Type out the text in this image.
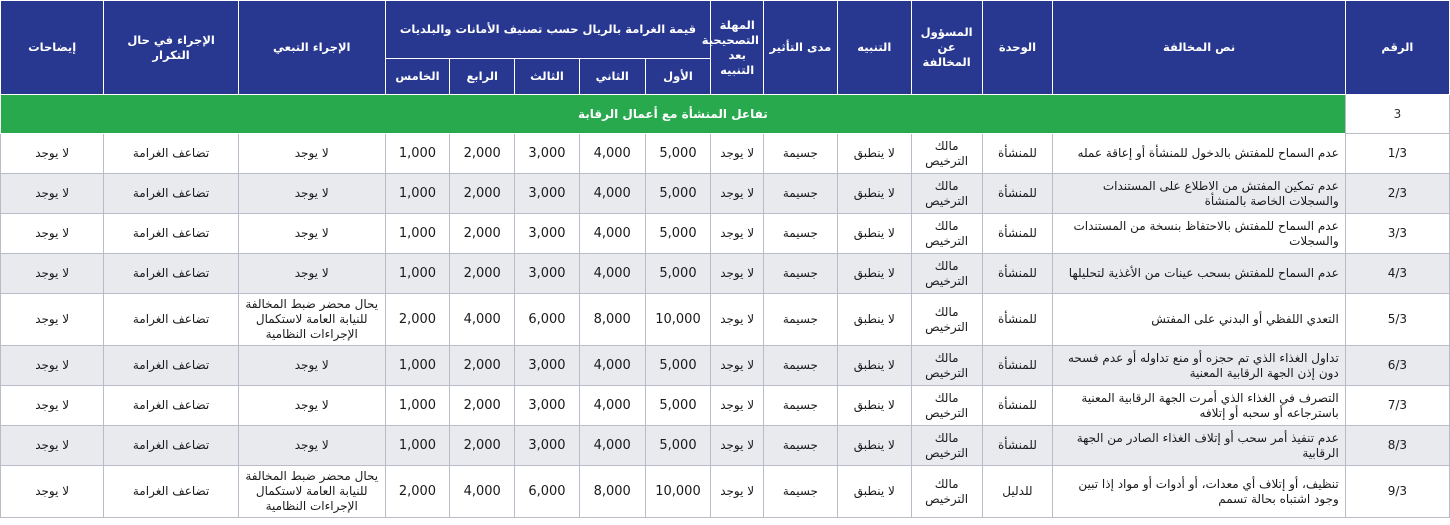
الرقم	نص المخالفة	الوحدة	المسؤول عن المخالفة	التنبيه	مدى التأثير	المهلة التصحيحية بعد التنبيه	قيمة الغرامة بالريال حسب تصنيف الأمانات والبلديات					الإجراء التبعي	الإجراء في حال التكرار	إيضاحات
							الأول	الثاني	الثالث	الرابع	الخامس			
3	تفاعل المنشأة مع أعمال الرقابة													
1/3	عدم السماح للمفتش بالدخول للمنشأة أو إعاقة عمله	للمنشأة	مالك الترخيص	لا ينطبق	جسيمة	لا يوجد	5,000	4,000	3,000	2,000	1,000	لا يوجد	تضاعف الغرامة	لا يوجد
2/3	عدم تمكين المفتش من الاطلاع على المستندات والسجلات الخاصة بالمنشأة	للمنشأة	مالك الترخيص	لا ينطبق	جسيمة	لا يوجد	5,000	4,000	3,000	2,000	1,000	لا يوجد	تضاعف الغرامة	لا يوجد
3/3	عدم السماح للمفتش بالاحتفاظ بنسخة من المستندات والسجلات	للمنشأة	مالك الترخيص	لا ينطبق	جسيمة	لا يوجد	5,000	4,000	3,000	2,000	1,000	لا يوجد	تضاعف الغرامة	لا يوجد
4/3	عدم السماح للمفتش بسحب عينات من الأغذية لتحليلها	للمنشأة	مالك الترخيص	لا ينطبق	جسيمة	لا يوجد	5,000	4,000	3,000	2,000	1,000	لا يوجد	تضاعف الغرامة	لا يوجد
5/3	التعدي اللفظي أو البدني على المفتش	للمنشأة	مالك الترخيص	لا ينطبق	جسيمة	لا يوجد	10,000	8,000	6,000	4,000	2,000	يحال محضر ضبط المخالفة للنيابة العامة لاستكمال الإجراءات النظامية	تضاعف الغرامة	لا يوجد
6/3	تداول الغذاء الذي تم حجزه أو منع تداوله أو عدم فسحه دون إذن الجهة الرقابية المعنية	للمنشأة	مالك الترخيص	لا ينطبق	جسيمة	لا يوجد	5,000	4,000	3,000	2,000	1,000	لا يوجد	تضاعف الغرامة	لا يوجد
7/3	التصرف في الغذاء الذي أمرت الجهة الرقابية المعنية باسترجاعه أو سحبه أو إتلافه	للمنشأة	مالك الترخيص	لا ينطبق	جسيمة	لا يوجد	5,000	4,000	3,000	2,000	1,000	لا يوجد	تضاعف الغرامة	لا يوجد
8/3	عدم تنفيذ أمر سحب أو إتلاف الغذاء الصادر من الجهة الرقابية	للمنشأة	مالك الترخيص	لا ينطبق	جسيمة	لا يوجد	5,000	4,000	3,000	2,000	1,000	لا يوجد	تضاعف الغرامة	لا يوجد
9/3	تنظيف، أو إتلاف أي معدات، أو أدوات أو مواد إذا تبين وجود اشتباه بحالة تسمم	للدليل	مالك الترخيص	لا ينطبق	جسيمة	لا يوجد	10,000	8,000	6,000	4,000	2,000	يحال محضر ضبط المخالفة للنيابة العامة لاستكمال الإجراءات النظامية	تضاعف الغرامة	لا يوجد
